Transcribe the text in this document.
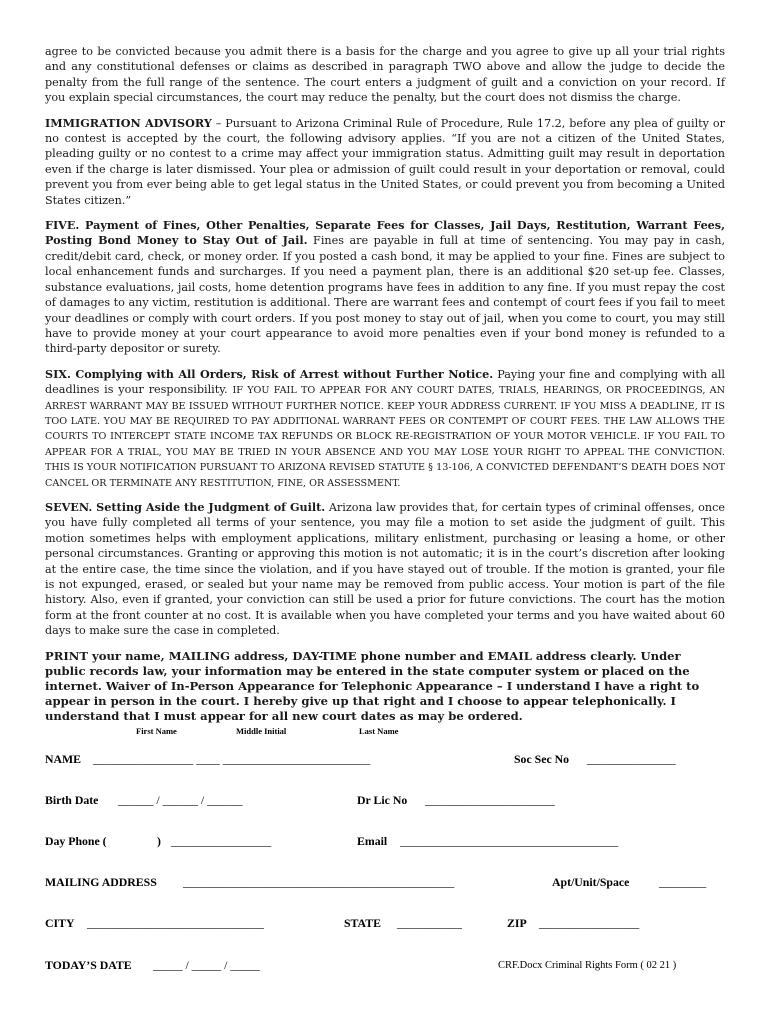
agree to be convicted because you admit there is a basis for the charge and you agree to give up all your trial rights and any constitutional defenses or claims as described in paragraph TWO above and allow the judge to decide the penalty from the full range of the sentence. The court enters a judgment of guilt and a conviction on your record. If you explain special circumstances, the court may reduce the penalty, but the court does not dismiss the charge.

IMMIGRATION ADVISORY – Pursuant to Arizona Criminal Rule of Procedure, Rule 17.2, before any plea of guilty or no contest is accepted by the court, the following advisory applies. “If you are not a citizen of the United States, pleading guilty or no contest to a crime may affect your immigration status. Admitting guilt may result in deportation even if the charge is later dismissed. Your plea or admission of guilt could result in your deportation or removal, could prevent you from ever being able to get legal status in the United States, or could prevent you from becoming a United States citizen.”

FIVE. Payment of Fines, Other Penalties, Separate Fees for Classes, Jail Days, Restitution, Warrant Fees, Posting Bond Money to Stay Out of Jail. Fines are payable in full at time of sentencing. You may pay in cash, credit/debit card, check, or money order. If you posted a cash bond, it may be applied to your fine. Fines are subject to local enhancement funds and surcharges. If you need a payment plan, there is an additional $20 set-up fee. Classes, substance evaluations, jail costs, home detention programs have fees in addition to any fine. If you must repay the cost of damages to any victim, restitution is additional. There are warrant fees and contempt of court fees if you fail to meet your deadlines or comply with court orders. If you post money to stay out of jail, when you come to court, you may still have to provide money at your court appearance to avoid more penalties even if your bond money is refunded to a third-party depositor or surety.

SIX. Complying with All Orders, Risk of Arrest without Further Notice. Paying your fine and complying with all deadlines is your responsibility. IF YOU FAIL TO APPEAR FOR ANY COURT DATES, TRIALS, HEARINGS, OR PROCEEDINGS, AN ARREST WARRANT MAY BE ISSUED WITHOUT FURTHER NOTICE. KEEP YOUR ADDRESS CURRENT. IF YOU MISS A DEADLINE, IT IS TOO LATE. YOU MAY BE REQUIRED TO PAY ADDITIONAL WARRANT FEES OR CONTEMPT OF COURT FEES. THE LAW ALLOWS THE COURTS TO INTERCEPT STATE INCOME TAX REFUNDS OR BLOCK RE-REGISTRATION OF YOUR MOTOR VEHICLE. IF YOU FAIL TO APPEAR FOR A TRIAL, YOU MAY BE TRIED IN YOUR ABSENCE AND YOU MAY LOSE YOUR RIGHT TO APPEAL THE CONVICTION. THIS IS YOUR NOTIFICATION PURSUANT TO ARIZONA REVISED STATUTE § 13-106, A CONVICTED DEFENDANT’S DEATH DOES NOT CANCEL OR TERMINATE ANY RESTITUTION, FINE, OR ASSESSMENT.

SEVEN. Setting Aside the Judgment of Guilt. Arizona law provides that, for certain types of criminal offenses, once you have fully completed all terms of your sentence, you may file a motion to set aside the judgment of guilt. This motion sometimes helps with employment applications, military enlistment, purchasing or leasing a home, or other personal circumstances. Granting or approving this motion is not automatic; it is in the court’s discretion after looking at the entire case, the time since the violation, and if you have stayed out of trouble. If the motion is granted, your file is not expunged, erased, or sealed but your name may be removed from public access. Your motion is part of the file history. Also, even if granted, your conviction can still be used a prior for future convictions. The court has the motion form at the front counter at no cost. It is available when you have completed your terms and you have waited about 60 days to make sure the case in completed.

PRINT your name, MAILING address, DAY-TIME phone number and EMAIL address clearly. Under public records law, your information may be entered in the state computer system or placed on the internet. Waiver of In-Person Appearance for Telephonic Appearance – I understand I have a right to appear in person in the court. I hereby give up that right and I choose to appear telephonically. I understand that I must appear for all new court dates as may be ordered.

First Name	Middle Initial	Last Name
NAME _________________ ____ _________________________	Soc Sec No _______________
Birth Date ______ / ______ / ______	Dr Lic No ______________________
Day Phone (	) _________________	Email _____________________________________
MAILING ADDRESS ______________________________________________	Apt/Unit/Space	________
CITY ______________________________	STATE ___________	ZIP _________________
TODAY’S DATE _____ / _____ / _____	CRF.Docx Criminal Rights Form ( 02 21 )
